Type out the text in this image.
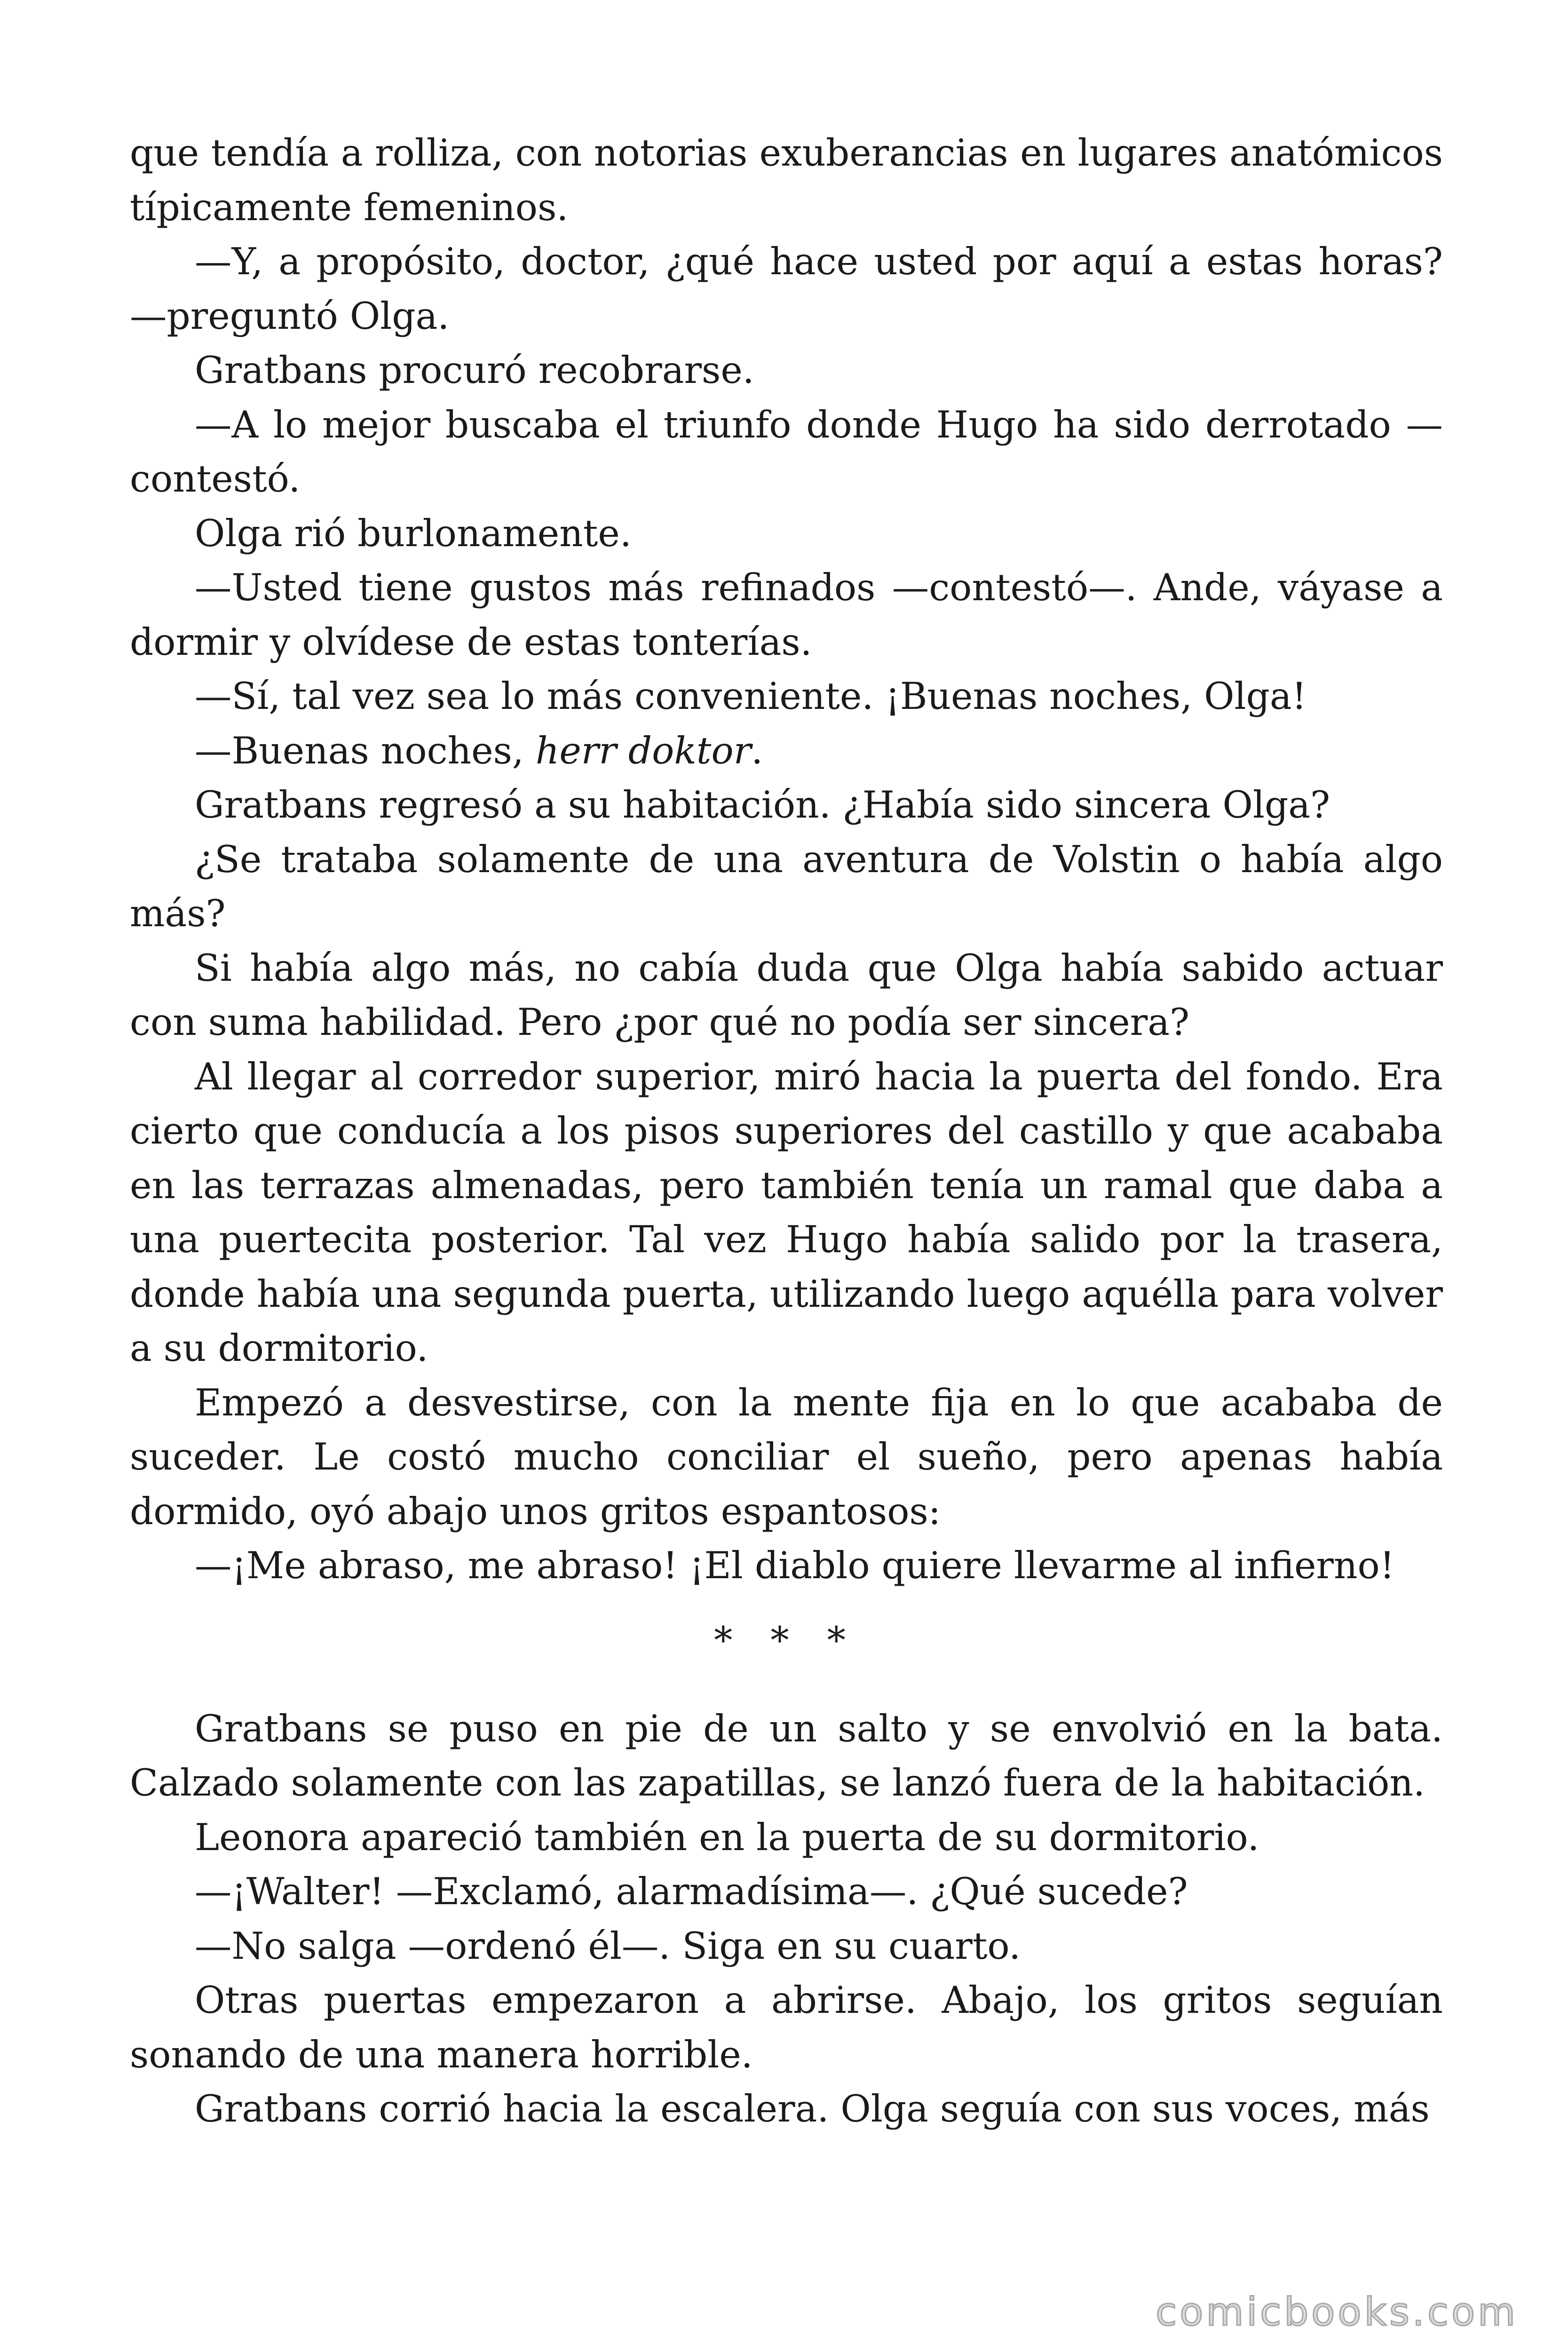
que tendía a rolliza, con notorias exuberancias en lugares anatómicos típicamente femeninos.

—Y, a propósito, doctor, ¿qué hace usted por aquí a estas horas? —preguntó Olga.

Gratbans procuró recobrarse.

—A lo mejor buscaba el triunfo donde Hugo ha sido derrotado —contestó.

Olga rió burlonamente.

—Usted tiene gustos más refinados —contestó—. Ande, váyase a dormir y olvídese de estas tonterías.

—Sí, tal vez sea lo más conveniente. ¡Buenas noches, Olga!

—Buenas noches, herr doktor.

Gratbans regresó a su habitación. ¿Había sido sincera Olga?

¿Se trataba solamente de una aventura de Volstin o había algo más?

Si había algo más, no cabía duda que Olga había sabido actuar con suma habilidad. Pero ¿por qué no podía ser sincera?

Al llegar al corredor superior, miró hacia la puerta del fondo. Era cierto que conducía a los pisos superiores del castillo y que acababa en las terrazas almenadas, pero también tenía un ramal que daba a una puertecita posterior. Tal vez Hugo había salido por la trasera, donde había una segunda puerta, utilizando luego aquélla para volver a su dormitorio.

Empezó a desvestirse, con la mente fija en lo que acababa de suceder. Le costó mucho conciliar el sueño, pero apenas había dormido, oyó abajo unos gritos espantosos:

—¡Me abraso, me abraso! ¡El diablo quiere llevarme al infierno!

* * *

Gratbans se puso en pie de un salto y se envolvió en la bata. Calzado solamente con las zapatillas, se lanzó fuera de la habitación.

Leonora apareció también en la puerta de su dormitorio.

—¡Walter! —Exclamó, alarmadísima—. ¿Qué sucede?

—No salga —ordenó él—. Siga en su cuarto.

Otras puertas empezaron a abrirse. Abajo, los gritos seguían sonando de una manera horrible.

Gratbans corrió hacia la escalera. Olga seguía con sus voces, más

comicbooks.com
